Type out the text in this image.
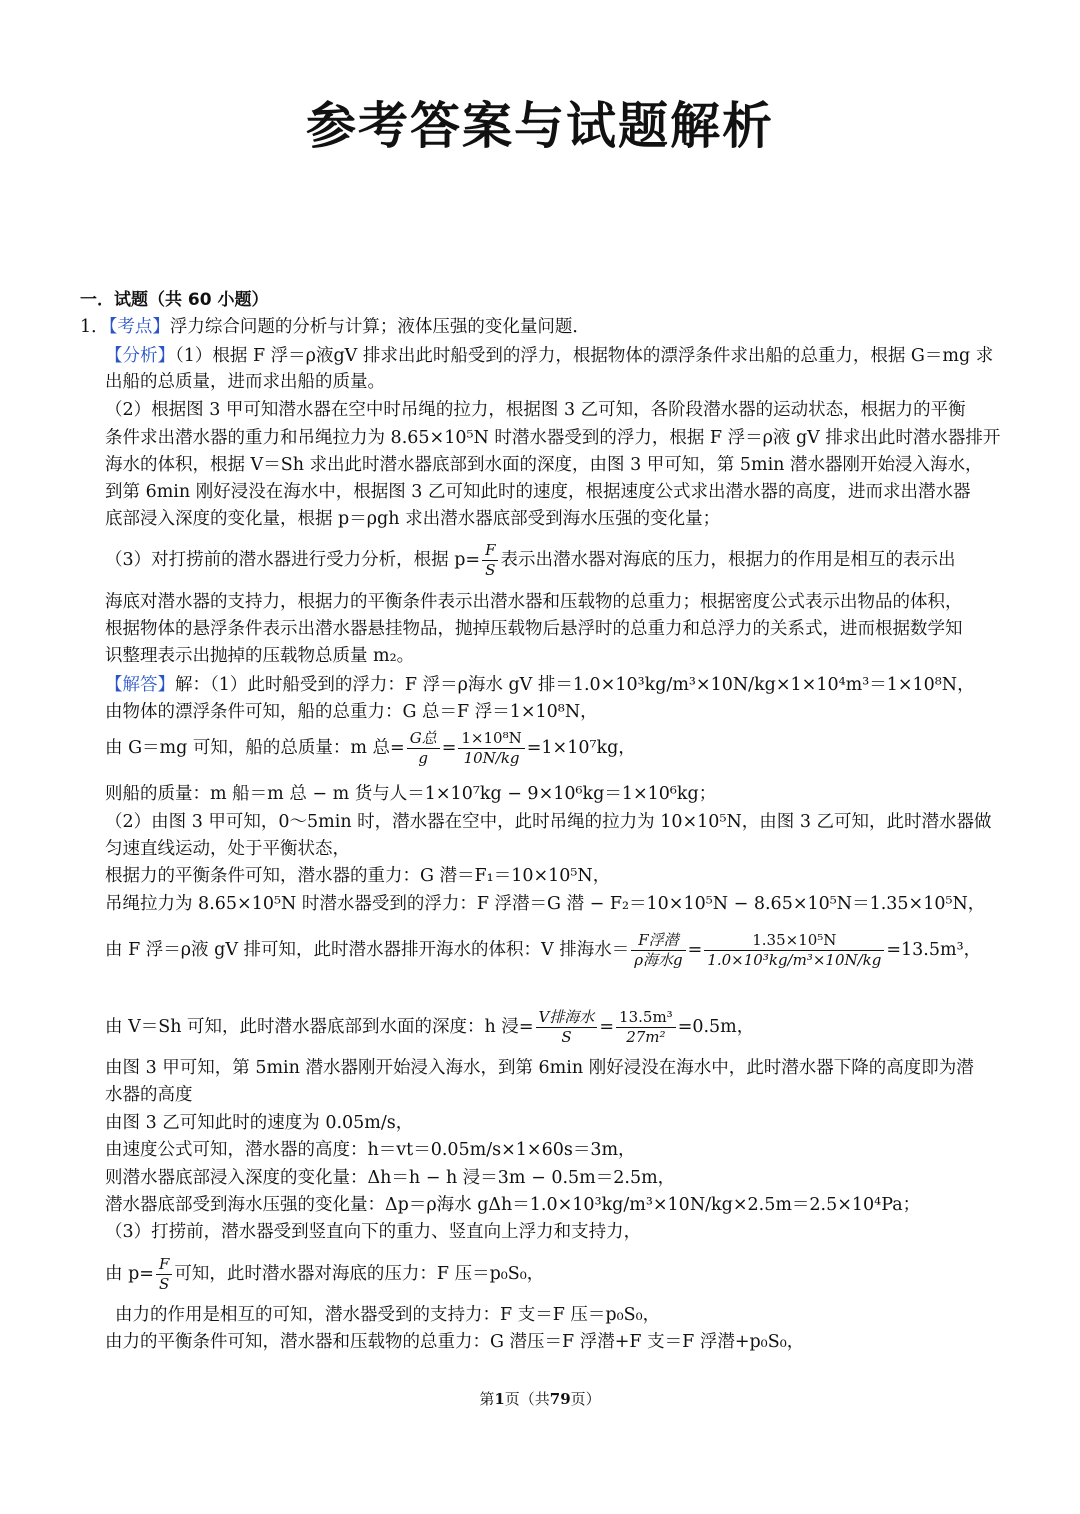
参考答案与试题解析
一．试题（共 60 小题）
1．【考点】浮力综合问题的分析与计算；液体压强的变化量问题．
【分析】（1）根据 F 浮＝ρ液gV 排求出此时船受到的浮力，根据物体的漂浮条件求出船的总重力，根据 G＝mg 求
出船的总质量，进而求出船的质量。
（2）根据图 3 甲可知潜水器在空中时吊绳的拉力，根据图 3 乙可知，各阶段潜水器的运动状态，根据力的平衡
条件求出潜水器的重力和吊绳拉力为 8.65×10⁵N 时潜水器受到的浮力，根据 F 浮＝ρ液 gV 排求出此时潜水器排开
海水的体积，根据 V＝Sh 求出此时潜水器底部到水面的深度，由图 3 甲可知，第 5min 潜水器刚开始浸入海水，
到第 6min 刚好浸没在海水中，根据图 3 乙可知此时的速度，根据速度公式求出潜水器的高度，进而求出潜水器
底部浸入深度的变化量，根据 p＝ρgh 求出潜水器底部受到海水压强的变化量；
（3）对打捞前的潜水器进行受力分析，根据 $p= \frac{F}{S}$ 表示出潜水器对海底的压力，根据力的作用是相互的表示出
海底对潜水器的支持力，根据力的平衡条件表示出潜水器和压载物的总重力；根据密度公式表示出物品的体积，
根据物体的悬浮条件表示出潜水器悬挂物品，抛掉压载物后悬浮时的总重力和总浮力的关系式，进而根据数学知
识整理表示出抛掉的压载物总质量 m₂。
【解答】解：（1）此时船受到的浮力：F 浮＝ρ海水 gV 排＝1.0×10³kg/m³×10N/kg×1×10⁴m³＝1×10⁸N，
由物体的漂浮条件可知，船的总重力：G 总＝F 浮＝1×10⁸N，
由 G＝mg 可知，船的总质量：m 总= $\frac{\text{G总}}{g} = \frac{\text{1×10⁸N}}{10N/kg} =1\times 10^7kg$，
则船的质量：m 船＝m 总 − m 货与人＝1×10⁷kg − 9×10⁶kg＝1×10⁶kg；
（2）由图 3 甲可知，0～5min 时，潜水器在空中，此时吊绳的拉力为 10×10⁵N，由图 3 乙可知，此时潜水器做
匀速直线运动，处于平衡状态，
根据力的平衡条件可知，潜水器的重力：G 潜＝F₁＝10×10⁵N，
吊绳拉力为 8.65×10⁵N 时潜水器受到的浮力：F 浮潜＝G 潜 − F₂＝10×10⁵N − 8.65×10⁵N＝1.35×10⁵N，
由 F 浮＝ρ液 gV 排可知，此时潜水器排开海水的体积：V 排海水＝ $\frac{\text{F浮潜}}{\text{ρ海水g}} = \frac{\text{1.35×10⁵N}}{\text{1.0×10³kg/m³×10N/kg}} =13.5m^3$，
由 V＝Sh 可知，此时潜水器底部到水面的深度：h 浸= $\frac{\text{V排海水}}{S} = \frac{\text{13.5m³}}{\text{27m²}} =0.5m$，
由图 3 甲可知，第 5min 潜水器刚开始浸入海水，到第 6min 刚好浸没在海水中，此时潜水器下降的高度即为潜
水器的高度
由图 3 乙可知此时的速度为 0.05m/s，
由速度公式可知，潜水器的高度：h＝vt＝0.05m/s×1×60s＝3m，
则潜水器底部浸入深度的变化量：Δh＝h − h 浸＝3m − 0.5m＝2.5m，
潜水器底部受到海水压强的变化量：Δp＝ρ海水 gΔh＝1.0×10³kg/m³×10N/kg×2.5m＝2.5×10⁴Pa；
（3）打捞前，潜水器受到竖直向下的重力、竖直向上浮力和支持力，
由 $p= \frac{F}{S}$ 可知，此时潜水器对海底的压力：F 压＝p₀S₀，
由力的作用是相互的可知，潜水器受到的支持力：F 支＝F 压＝p₀S₀，
由力的平衡条件可知，潜水器和压载物的总重力：G 潜压＝F 浮潜+F 支＝F 浮潜+p₀S₀，
第1页（共79页）
